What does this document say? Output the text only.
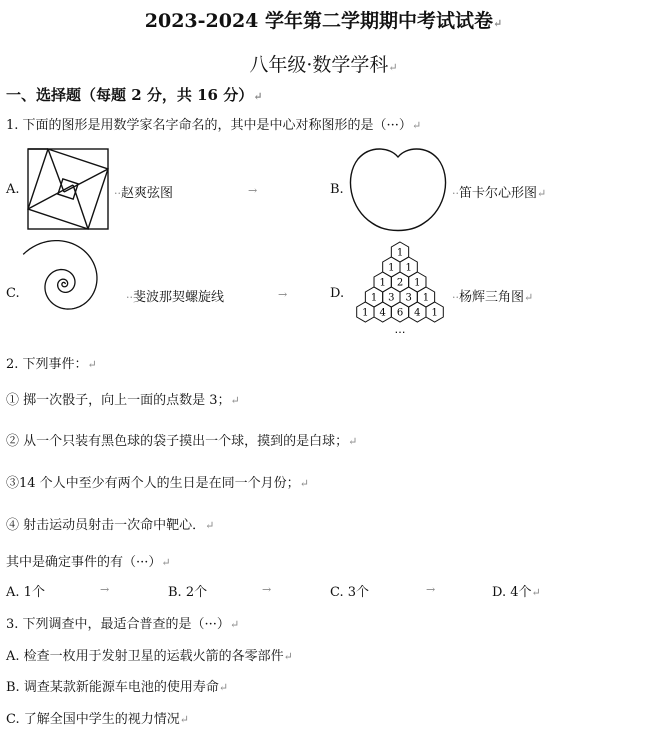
2023-2024 学年第二学期期中考试试卷↵
八年级·数学学科↵
一、选择题（每题 2 分，共 16 分）↵
1. 下面的图形是用数学家名字命名的，其中是中心对称图形的是（···）↵
A.	··赵爽弦图	→	B.	··笛卡尔心形图↵
C.	··斐波那契螺旋线	→	D.
1
1 1
1 2 1
1 3 3 1
1 4 6 4 1
…
··杨辉三角图↵
2. 下列事件：↵
① 掷一次骰子，向上一面的点数是 3；↵
② 从一个只装有黑色球的袋子摸出一个球，摸到的是白球；↵
③14 个人中至少有两个人的生日是在同一个月份；↵
④ 射击运动员射击一次命中靶心．↵
其中是确定事件的有（···）↵
A. 1个	→	B. 2个	→	C. 3个	→	D. 4个↵
3. 下列调查中，最适合普查的是（···）↵
A. 检查一枚用于发射卫星的运载火箭的各零部件↵
B. 调查某款新能源车电池的使用寿命↵
C. 了解全国中学生的视力情况↵
